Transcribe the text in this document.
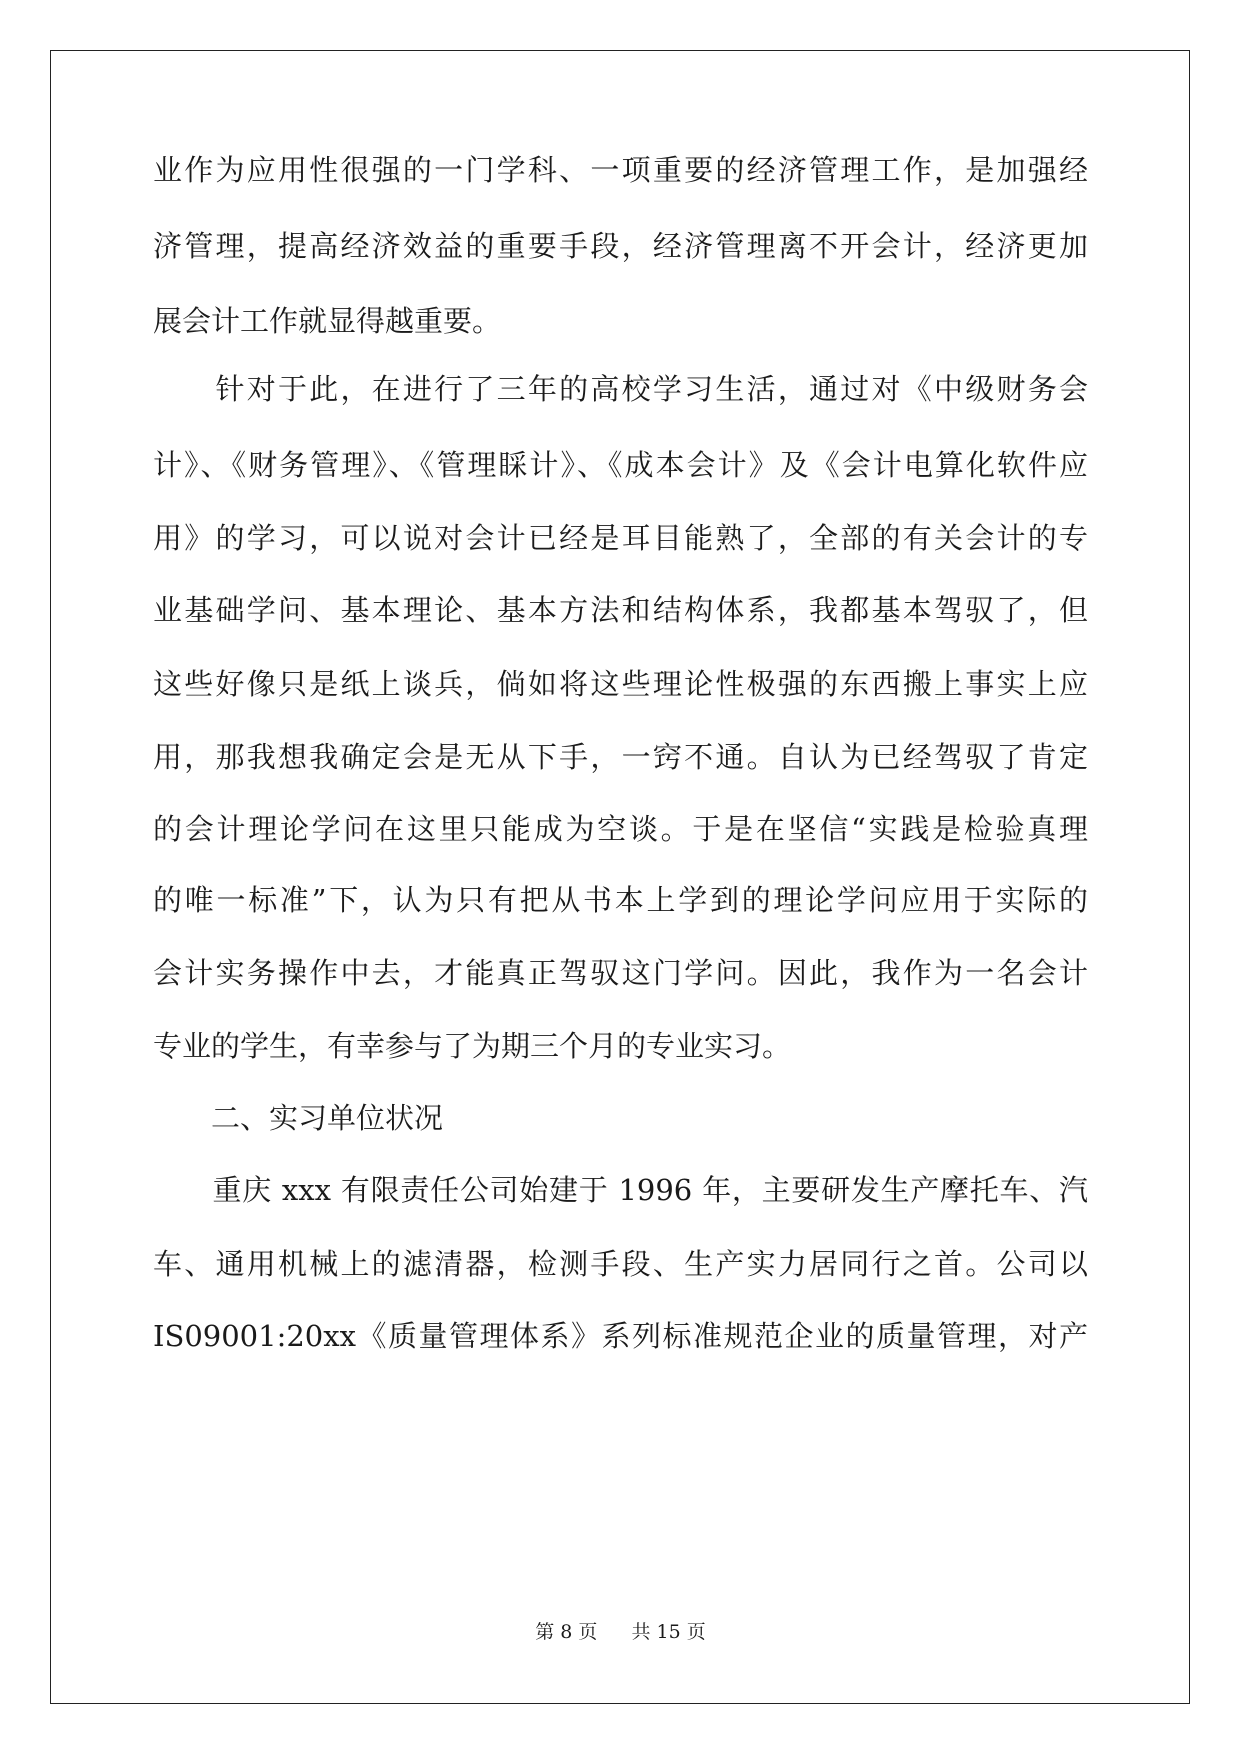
业作为应用性很强的一门学科、一项重要的经济管理工作，是加强经
济管理，提高经济效益的重要手段，经济管理离不开会计，经济更加
展会计工作就显得越重要。
　　针对于此，在进行了三年的高校学习生活，通过对《中级财务会
计》、《财务管理》、《管理睬计》、《成本会计》及《会计电算化软件应
用》的学习，可以说对会计已经是耳目能熟了，全部的有关会计的专
业基础学问、基本理论、基本方法和结构体系，我都基本驾驭了，但
这些好像只是纸上谈兵，倘如将这些理论性极强的东西搬上事实上应
用，那我想我确定会是无从下手，一窍不通。自认为已经驾驭了肯定
的会计理论学问在这里只能成为空谈。于是在坚信“实践是检验真理
的唯一标准”下，认为只有把从书本上学到的理论学问应用于实际的
会计实务操作中去，才能真正驾驭这门学问。因此，我作为一名会计
专业的学生，有幸参与了为期三个月的专业实习。
　　二、实习单位状况
　　重庆 xxx 有限责任公司始建于 1996 年，主要研发生产摩托车、汽
车、通用机械上的滤清器，检测手段、生产实力居同行之首。公司以
IS09001:20xx《质量管理体系》系列标准规范企业的质量管理，对产
第 8 页 共 15 页
